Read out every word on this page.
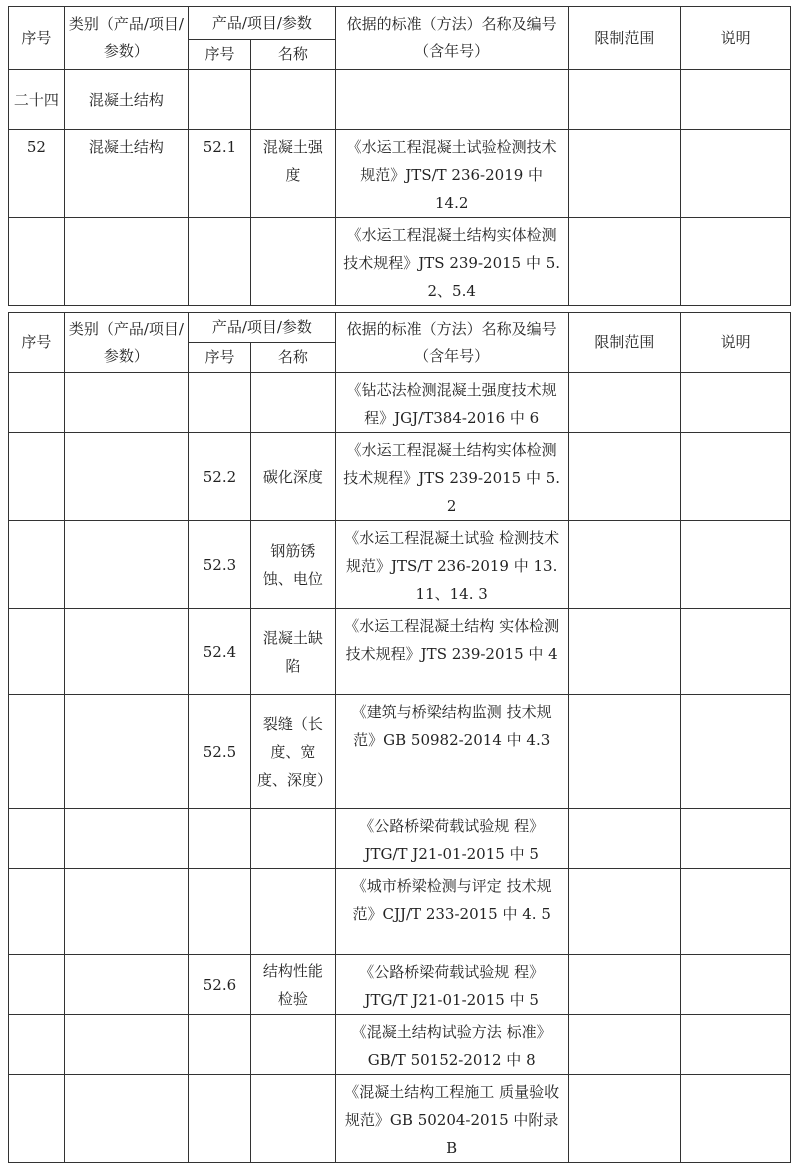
序号	类别（产品/项目/参数）	产品/项目/参数		依据的标准（方法）名称及编号（含年号）	限制范围	说明
		序号	名称			
二十四	混凝土结构					
52	混凝土结构	52.1	混凝土强 度	《水运工程混凝土试验检测技术规范》JTS/T 236-2019 中 14.2		
				《水运工程混凝土结构实体检测技术规程》JTS 239-2015 中 5. 2、5.4		
序号	类别（产品/项目/参数）	产品/项目/参数		依据的标准（方法）名称及编号（含年号）	限制范围	说明
		序号	名称			
				《钻芯法检测混凝土强度技术规程》JGJ/T384-2016 中 6		
		52.2	碳化深度	《水运工程混凝土结构实体检测技术规程》JTS 239-2015 中 5. 2		
		52.3	钢筋锈蚀、电位	《水运工程混凝土试验 检测技术规范》JTS/T 236-2019 中 13. 11、14. 3		
		52.4	混凝土缺 陷	《水运工程混凝土结构 实体检测技术规程》JTS 239-2015 中 4		
		52.5	裂缝（长度、宽度、深度）	《建筑与桥梁结构监测 技术规范》GB 50982-2014 中 4.3		
				《公路桥梁荷载试验规 程》JTG/T J21-01-2015 中 5		
				《城市桥梁检测与评定 技术规范》CJJ/T 233-2015 中 4. 5		
		52.6	结构性能检验	《公路桥梁荷载试验规 程》JTG/T J21-01-2015 中 5		
				《混凝土结构试验方法 标准》GB/T 50152-2012 中 8		
				《混凝土结构工程施工 质量验收规范》GB 50204-2015 中附录 B		
